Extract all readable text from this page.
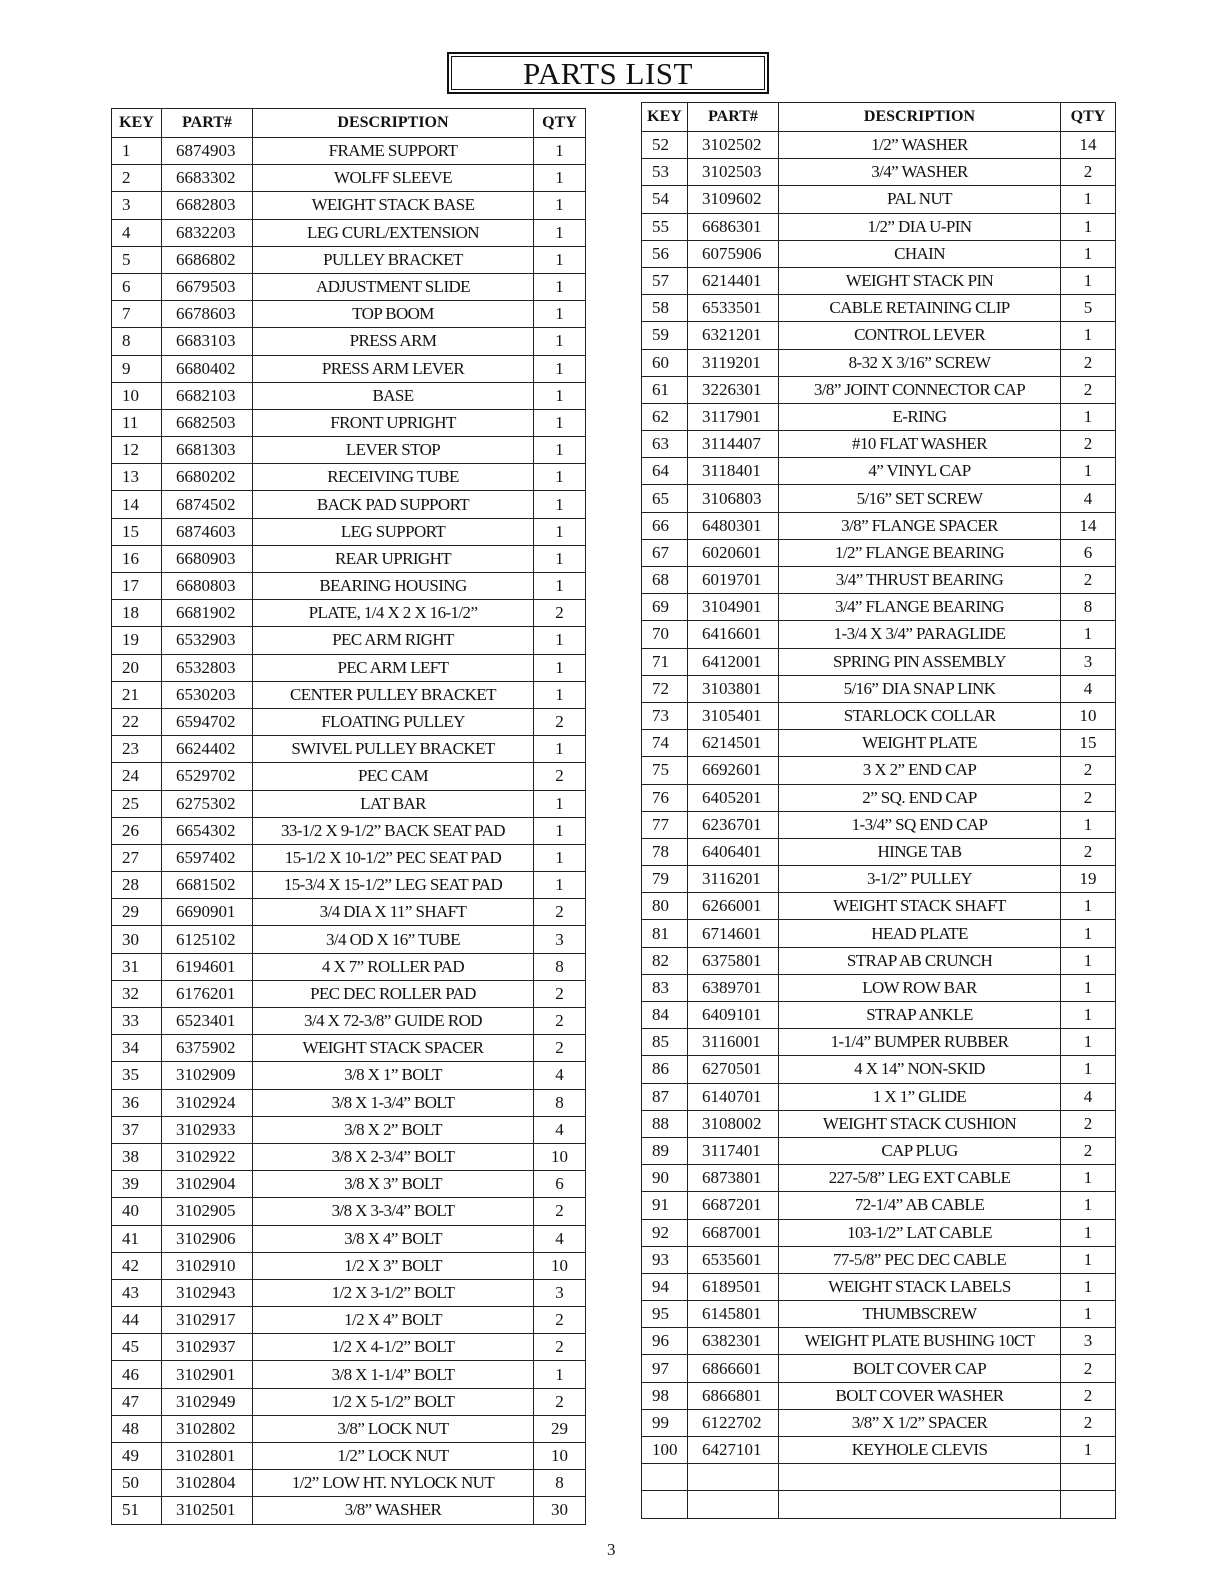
PARTS LIST
KEY	PART#	DESCRIPTION	QTY
1	6874903	FRAME SUPPORT	1
2	6683302	WOLFF SLEEVE	1
3	6682803	WEIGHT STACK BASE	1
4	6832203	LEG CURL/EXTENSION	1
5	6686802	PULLEY BRACKET	1
6	6679503	ADJUSTMENT SLIDE	1
7	6678603	TOP BOOM	1
8	6683103	PRESS ARM	1
9	6680402	PRESS ARM LEVER	1
10	6682103	BASE	1
11	6682503	FRONT UPRIGHT	1
12	6681303	LEVER STOP	1
13	6680202	RECEIVING TUBE	1
14	6874502	BACK PAD SUPPORT	1
15	6874603	LEG SUPPORT	1
16	6680903	REAR UPRIGHT	1
17	6680803	BEARING HOUSING	1
18	6681902	PLATE, 1/4 X 2 X 16-1/2”	2
19	6532903	PEC ARM RIGHT	1
20	6532803	PEC ARM LEFT	1
21	6530203	CENTER PULLEY BRACKET	1
22	6594702	FLOATING PULLEY	2
23	6624402	SWIVEL PULLEY BRACKET	1
24	6529702	PEC CAM	2
25	6275302	LAT BAR	1
26	6654302	33-1/2 X 9-1/2” BACK SEAT PAD	1
27	6597402	15-1/2 X 10-1/2” PEC SEAT PAD	1
28	6681502	15-3/4 X 15-1/2” LEG SEAT PAD	1
29	6690901	3/4 DIA X 11” SHAFT	2
30	6125102	3/4 OD X 16” TUBE	3
31	6194601	4 X 7” ROLLER PAD	8
32	6176201	PEC DEC ROLLER PAD	2
33	6523401	3/4 X 72-3/8” GUIDE ROD	2
34	6375902	WEIGHT STACK SPACER	2
35	3102909	3/8 X 1” BOLT	4
36	3102924	3/8 X 1-3/4” BOLT	8
37	3102933	3/8 X 2” BOLT	4
38	3102922	3/8 X 2-3/4” BOLT	10
39	3102904	3/8 X 3” BOLT	6
40	3102905	3/8 X 3-3/4” BOLT	2
41	3102906	3/8 X 4” BOLT	4
42	3102910	1/2 X 3” BOLT	10
43	3102943	1/2 X 3-1/2” BOLT	3
44	3102917	1/2 X 4” BOLT	2
45	3102937	1/2 X 4-1/2” BOLT	2
46	3102901	3/8 X 1-1/4” BOLT	1
47	3102949	1/2 X 5-1/2” BOLT	2
48	3102802	3/8” LOCK NUT	29
49	3102801	1/2” LOCK NUT	10
50	3102804	1/2” LOW HT. NYLOCK NUT	8
51	3102501	3/8” WASHER	30
KEY	PART#	DESCRIPTION	QTY
52	3102502	1/2” WASHER	14
53	3102503	3/4” WASHER	2
54	3109602	PAL NUT	1
55	6686301	1/2” DIA U-PIN	1
56	6075906	CHAIN	1
57	6214401	WEIGHT STACK PIN	1
58	6533501	CABLE RETAINING CLIP	5
59	6321201	CONTROL LEVER	1
60	3119201	8-32 X 3/16” SCREW	2
61	3226301	3/8” JOINT CONNECTOR CAP	2
62	3117901	E-RING	1
63	3114407	#10 FLAT WASHER	2
64	3118401	4” VINYL CAP	1
65	3106803	5/16” SET SCREW	4
66	6480301	3/8” FLANGE SPACER	14
67	6020601	1/2” FLANGE BEARING	6
68	6019701	3/4” THRUST BEARING	2
69	3104901	3/4” FLANGE BEARING	8
70	6416601	1-3/4 X 3/4” PARAGLIDE	1
71	6412001	SPRING PIN ASSEMBLY	3
72	3103801	5/16” DIA SNAP LINK	4
73	3105401	STARLOCK COLLAR	10
74	6214501	WEIGHT PLATE	15
75	6692601	3 X 2” END CAP	2
76	6405201	2” SQ. END CAP	2
77	6236701	1-3/4” SQ END CAP	1
78	6406401	HINGE TAB	2
79	3116201	3-1/2” PULLEY	19
80	6266001	WEIGHT STACK SHAFT	1
81	6714601	HEAD PLATE	1
82	6375801	STRAP AB CRUNCH	1
83	6389701	LOW ROW BAR	1
84	6409101	STRAP ANKLE	1
85	3116001	1-1/4” BUMPER RUBBER	1
86	6270501	4 X 14” NON-SKID	1
87	6140701	1 X 1” GLIDE	4
88	3108002	WEIGHT STACK CUSHION	2
89	3117401	CAP PLUG	2
90	6873801	227-5/8” LEG EXT CABLE	1
91	6687201	72-1/4” AB CABLE	1
92	6687001	103-1/2” LAT CABLE	1
93	6535601	77-5/8” PEC DEC CABLE	1
94	6189501	WEIGHT STACK LABELS	1
95	6145801	THUMBSCREW	1
96	6382301	WEIGHT PLATE BUSHING 10CT	3
97	6866601	BOLT COVER CAP	2
98	6866801	BOLT COVER WASHER	2
99	6122702	3/8” X 1/2” SPACER	2
100	6427101	KEYHOLE CLEVIS	1

3
